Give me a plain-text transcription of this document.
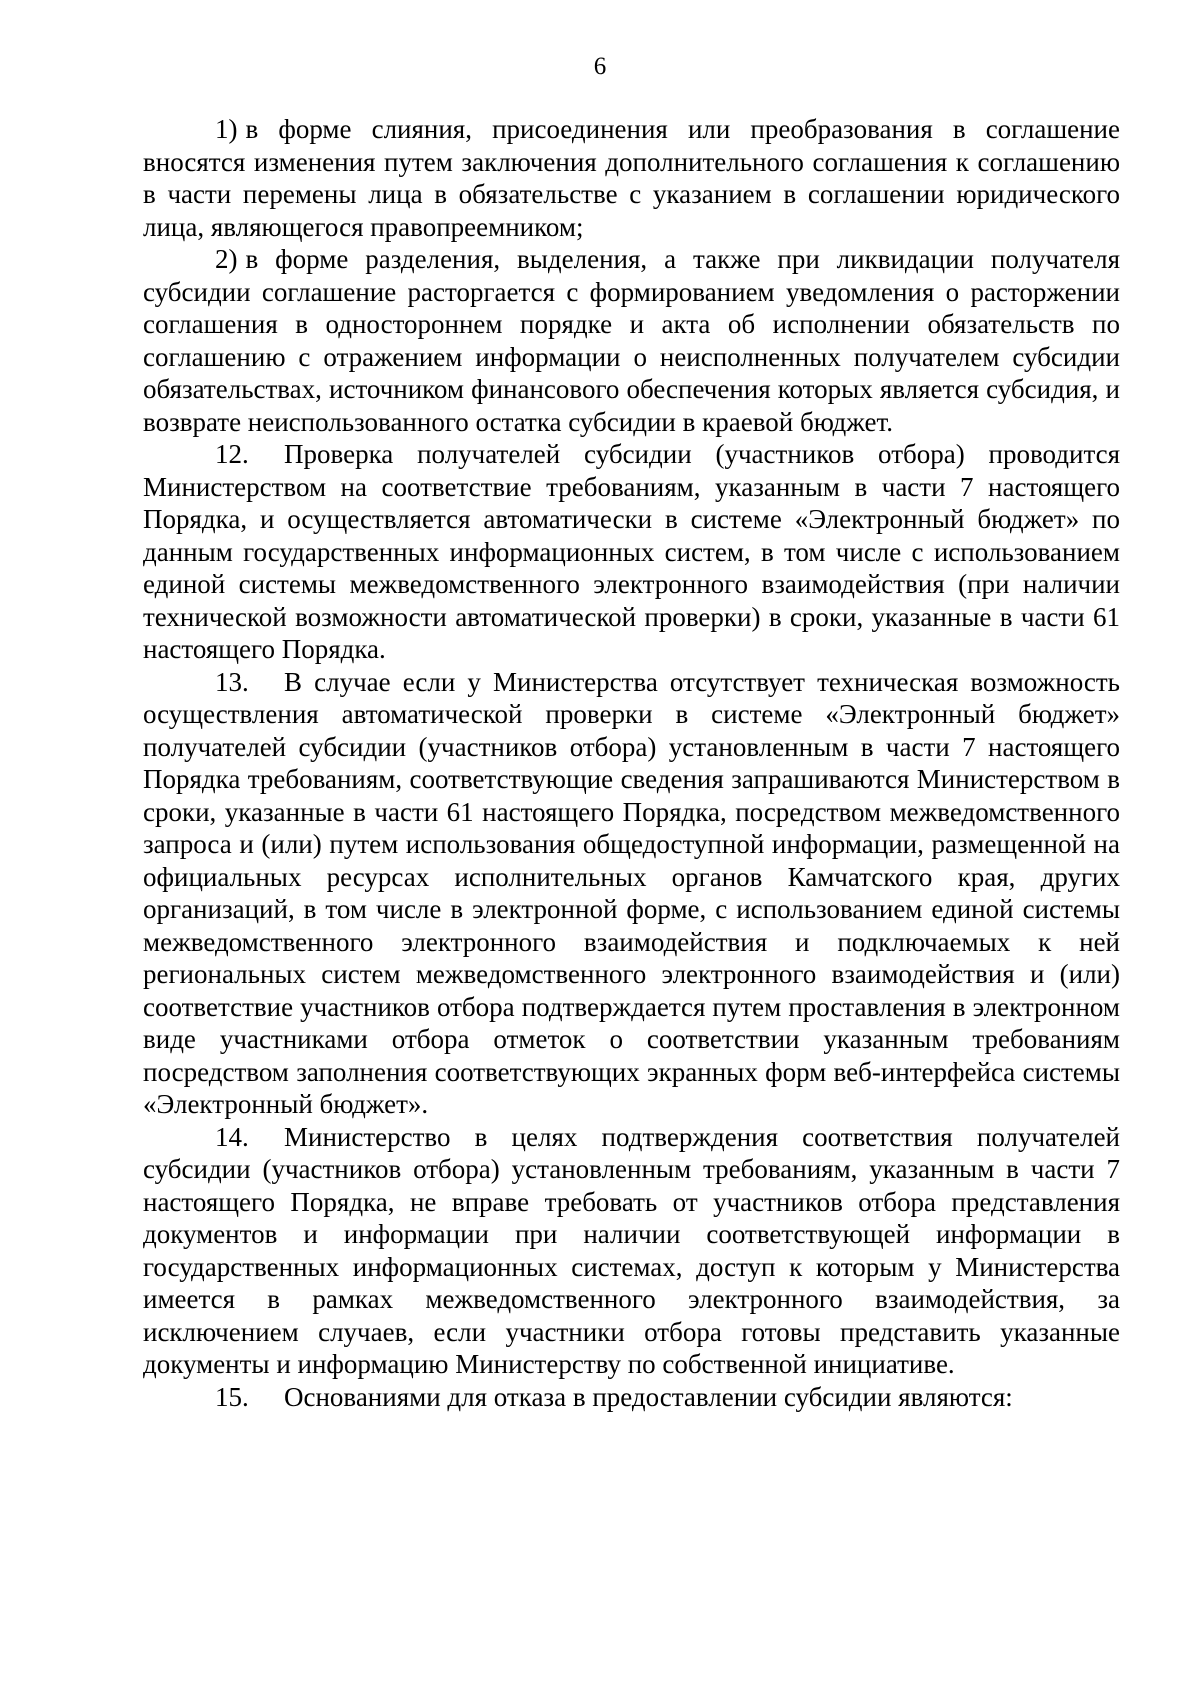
6

1) в форме слияния, присоединения или преобразования в соглашение вносятся изменения путем заключения дополнительного соглашения к соглашению в части перемены лица в обязательстве с указанием в соглашении юридического лица, являющегося правопреемником;

2) в форме разделения, выделения, а также при ликвидации получателя субсидии соглашение расторгается с формированием уведомления о расторжении соглашения в одностороннем порядке и акта об исполнении обязательств по соглашению с отражением информации о неисполненных получателем субсидии обязательствах, источником финансового обеспечения которых является субсидия, и возврате неиспользованного остатка субсидии в краевой бюджет.

12. Проверка получателей субсидии (участников отбора) проводится Министерством на соответствие требованиям, указанным в части 7 настоящего Порядка, и осуществляется автоматически в системе «Электронный бюджет» по данным государственных информационных систем, в том числе с использованием единой системы межведомственного электронного взаимодействия (при наличии технической возможности автоматической проверки) в сроки, указанные в части 61 настоящего Порядка.

13. В случае если у Министерства отсутствует техническая возможность осуществления автоматической проверки в системе «Электронный бюджет» получателей субсидии (участников отбора) установленным в части 7 настоящего Порядка требованиям, соответствующие сведения запрашиваются Министерством в сроки, указанные в части 61 настоящего Порядка, посредством межведомственного запроса и (или) путем использования общедоступной информации, размещенной на официальных ресурсах исполнительных органов Камчатского края, других организаций, в том числе в электронной форме, с использованием единой системы межведомственного электронного взаимодействия и подключаемых к ней региональных систем межведомственного электронного взаимодействия и (или) соответствие участников отбора подтверждается путем проставления в электронном виде участниками отбора отметок о соответствии указанным требованиям посредством заполнения соответствующих экранных форм веб-интерфейса системы «Электронный бюджет».

14. Министерство в целях подтверждения соответствия получателей субсидии (участников отбора) установленным требованиям, указанным в части 7 настоящего Порядка, не вправе требовать от участников отбора представления документов и информации при наличии соответствующей информации в государственных информационных системах, доступ к которым у Министерства имеется в рамках межведомственного электронного взаимодействия, за исключением случаев, если участники отбора готовы представить указанные документы и информацию Министерству по собственной инициативе.

15. Основаниями для отказа в предоставлении субсидии являются:
